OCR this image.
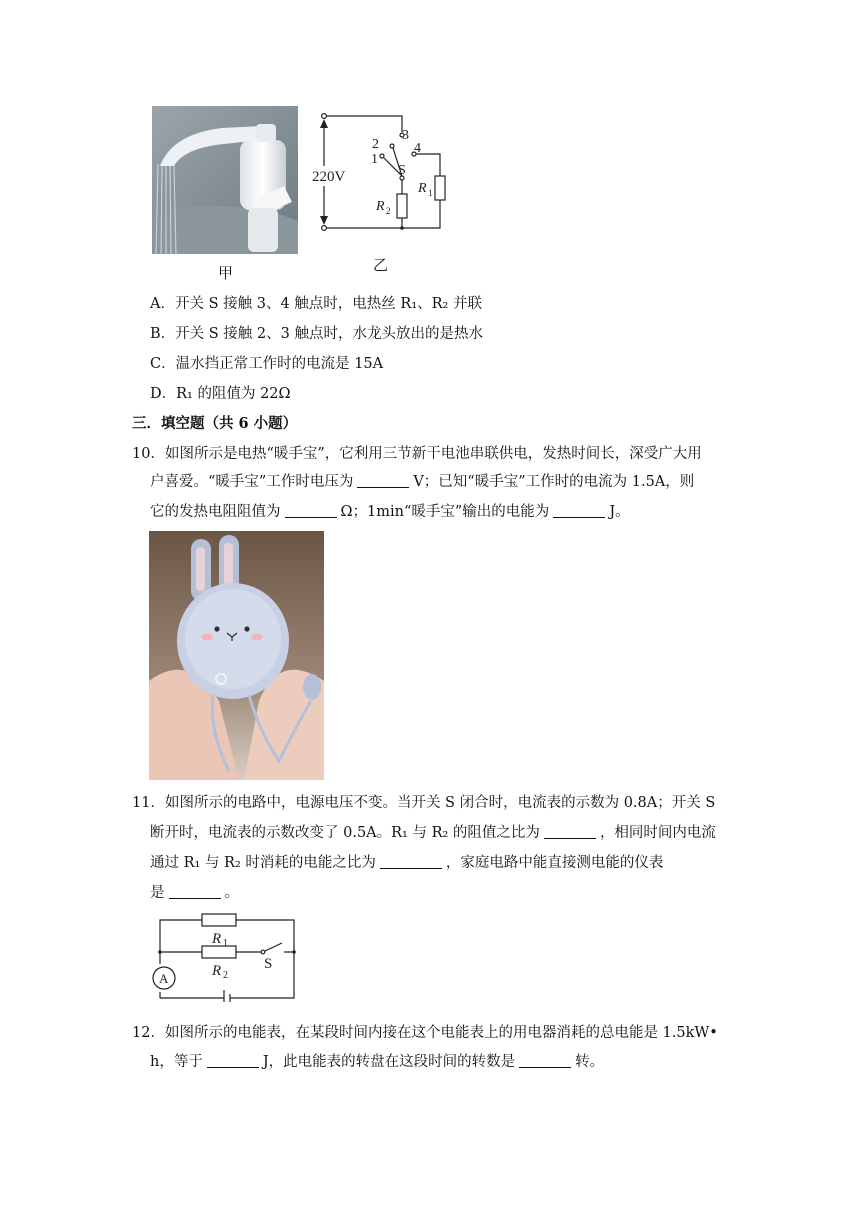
甲
220V
1
2
3
4
S
R 1
R 2
乙
A．开关 S 接触 3、4 触点时，电热丝 R₁、R₂ 并联
B．开关 S 接触 2、3 触点时，水龙头放出的是热水
C．温水挡正常工作时的电流是 15A
D．R₁ 的阻值为 22Ω
三．填空题（共 6 小题）
10．如图所示是电热“暖手宝”，它利用三节新干电池串联供电，发热时间长，深受广大用
户喜爱。“暖手宝”工作时电压为	V；已知“暖手宝”工作时的电流为 1.5A，则
它的发热电阻阻值为	Ω；1min“暖手宝”输出的电能为	J。
11．如图所示的电路中，电源电压不变。当开关 S 闭合时，电流表的示数为 0.8A；开关 S
断开时，电流表的示数改变了 0.5A。R₁ 与 R₂ 的阻值之比为	，相同时间内电流
通过 R₁ 与 R₂ 时消耗的电能之比为	，家庭电路中能直接测电能的仪表
是	。
A
R 1
R 2
S
12．如图所示的电能表，在某段时间内接在这个电能表上的用电器消耗的总电能是 1.5kW•
h，等于	J，此电能表的转盘在这段时间的转数是	转。
